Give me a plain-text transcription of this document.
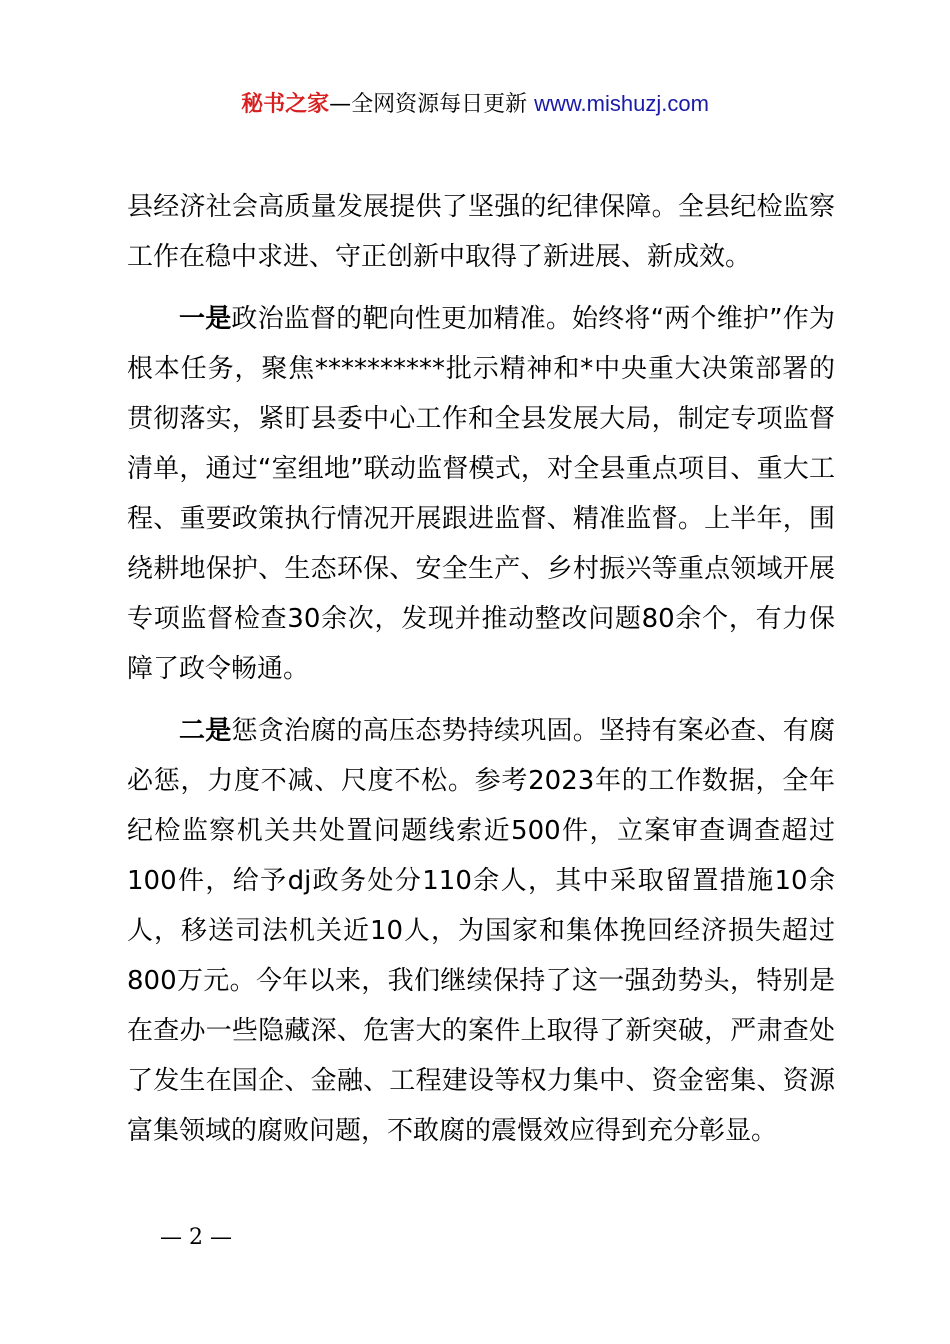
秘书之家—全网资源每日更新 www.mishuzj.com

县经济社会高质量发展提供了坚强的纪律保障。全县纪检监察工作在稳中求进、守正创新中取得了新进展、新成效。

一是政治监督的靶向性更加精准。始终将“两个维护”作为根本任务，聚焦**********批示精神和*中央重大决策部署的贯彻落实，紧盯县委中心工作和全县发展大局，制定专项监督清单，通过“室组地”联动监督模式，对全县重点项目、重大工程、重要政策执行情况开展跟进监督、精准监督。上半年，围绕耕地保护、生态环保、安全生产、乡村振兴等重点领域开展专项监督检查30余次，发现并推动整改问题80余个，有力保障了政令畅通。

二是惩贪治腐的高压态势持续巩固。坚持有案必查、有腐必惩，力度不减、尺度不松。参考2023年的工作数据，全年纪检监察机关共处置问题线索近500件，立案审查调查超过100件，给予dj政务处分110余人，其中采取留置措施10余人，移送司法机关近10人，为国家和集体挽回经济损失超过800万元。今年以来，我们继续保持了这一强劲势头，特别是在查办一些隐藏深、危害大的案件上取得了新突破，严肃查处了发生在国企、金融、工程建设等权力集中、资金密集、资源富集领域的腐败问题，不敢腐的震慑效应得到充分彰显。

— 2 —
